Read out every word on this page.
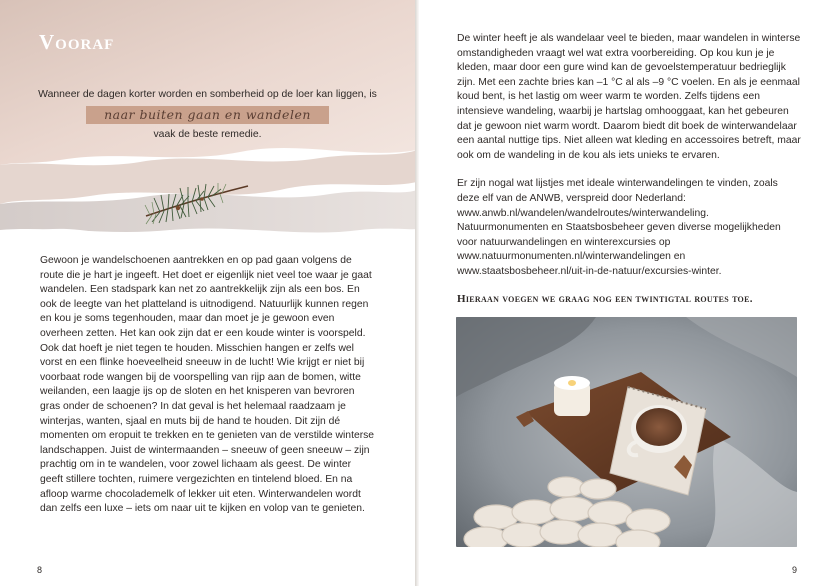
Vooraf
Wanneer de dagen korter worden en somberheid op de loer kan liggen, is
naar buiten gaan en wandelen
vaak de beste remedie.

Gewoon je wandelschoenen aantrekken en op pad gaan volgens de route die je hart je ingeeft. Het doet er eigenlijk niet veel toe waar je gaat wandelen. Een stadspark kan net zo aantrekkelijk zijn als een bos. En ook de leegte van het platteland is uitnodigend. Natuurlijk kunnen regen en kou je soms tegenhouden, maar dan moet je je gewoon even overheen zetten. Het kan ook zijn dat er een koude winter is voorspeld. Ook dat hoeft je niet tegen te houden. Misschien hangen er zelfs wel vorst en een flinke hoeveelheid sneeuw in de lucht! Wie krijgt er niet bij voorbaat rode wangen bij de voorspelling van rijp aan de bomen, witte weilanden, een laagje ijs op de sloten en het knisperen van bevroren gras onder de schoenen? In dat geval is het helemaal raadzaam je winterjas, wanten, sjaal en muts bij de hand te houden. Dit zijn dé momenten om eropuit te trekken en te genieten van de verstilde winterse landschappen. Juist de wintermaanden – sneeuw of geen sneeuw – zijn prachtig om in te wandelen, voor zowel lichaam als geest. De winter geeft stillere tochten, ruimere vergezichten en tintelend bloed. En na afloop warme chocolademelk of lekker uit eten. Winterwandelen wordt dan zelfs een luxe – iets om naar uit te kijken en volop van te genieten.

8

De winter heeft je als wandelaar veel te bieden, maar wandelen in winterse omstandigheden vraagt wel wat extra voorbereiding. Op kou kun je je kleden, maar door een gure wind kan de gevoelstemperatuur bedrieglijk zijn. Met een zachte bries kan –1 °C al als –9 °C voelen. En als je eenmaal koud bent, is het lastig om weer warm te worden. Zelfs tijdens een intensieve wandeling, waarbij je hartslag omhooggaat, kan het gebeuren dat je gewoon niet warm wordt. Daarom biedt dit boek de winterwandelaar een aantal nuttige tips. Niet alleen wat kleding en accessoires betreft, maar ook om de wandeling in de kou als iets unieks te ervaren.

Er zijn nogal wat lijstjes met ideale winterwandelingen te vinden, zoals deze elf van de ANWB, verspreid door Nederland: www.anwb.nl/wandelen/wandelroutes/winterwandeling. Natuurmonumenten en Staatsbosbeheer geven diverse mogelijkheden voor natuurwandelingen en winterexcursies op www.natuurmonumenten.nl/winterwandelingen en www.staatsbosbeheer.nl/uit-in-de-natuur/excursies-winter.

Hieraan voegen we graag nog een twintigtal routes toe.
9
